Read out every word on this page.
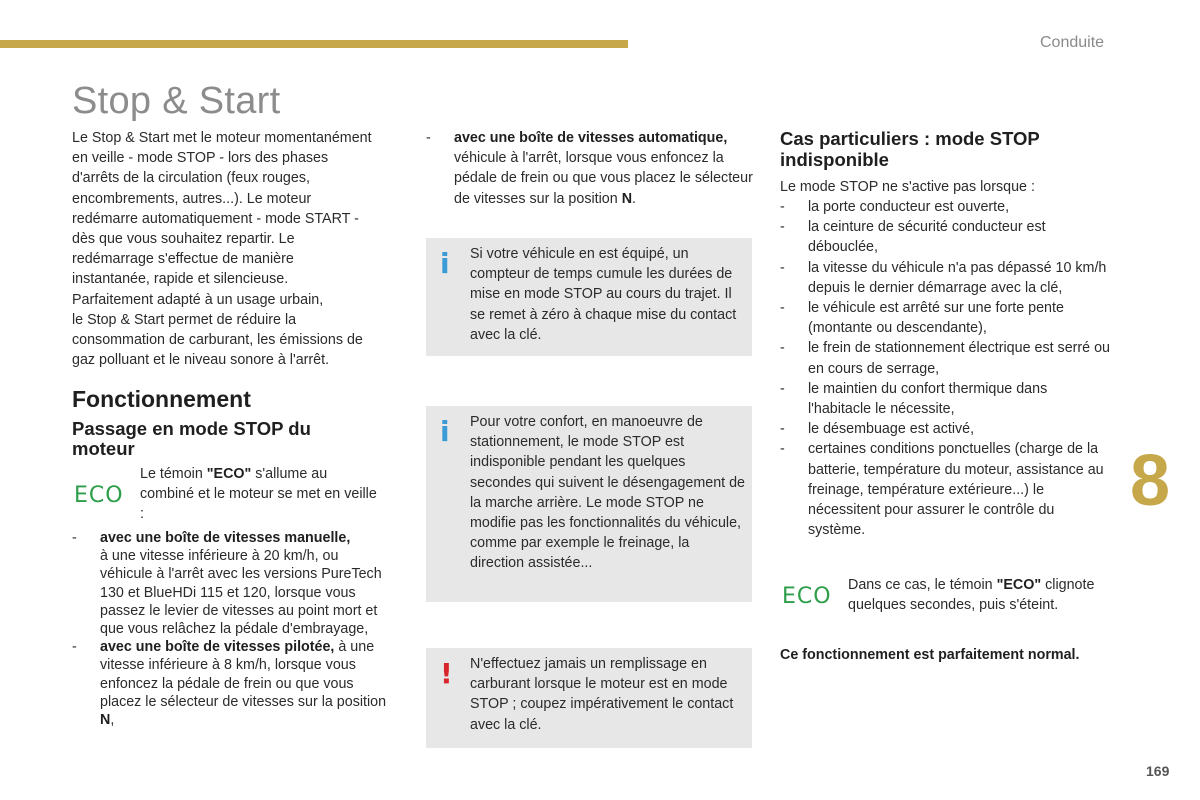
Conduite
Stop & Start
Le Stop & Start met le moteur momentanément
en veille - mode STOP - lors des phases
d'arrêts de la circulation (feux rouges,
encombrements, autres...). Le moteur
redémarre automatiquement - mode START -
dès que vous souhaitez repartir. Le
redémarrage s'effectue de manière
instantanée, rapide et silencieuse.
Parfaitement adapté à un usage urbain,
le Stop & Start permet de réduire la
consommation de carburant, les émissions de
gaz polluant et le niveau sonore à l'arrêt.
Fonctionnement
Passage en mode STOP du
moteur
ECO
Le témoin "ECO" s'allume au combiné et le moteur se met en veille :
- avec une boîte de vitesses manuelle,
à une vitesse inférieure à 20 km/h, ou véhicule à l'arrêt avec les versions PureTech 130 et BlueHDi 115 et 120, lorsque vous passez le levier de vitesses au point mort et que vous relâchez la pédale d'embrayage,
- avec une boîte de vitesses pilotée, à une vitesse inférieure à 8 km/h, lorsque vous enfoncez la pédale de frein ou que vous placez le sélecteur de vitesses sur la position N,
- avec une boîte de vitesses automatique,
véhicule à l'arrêt, lorsque vous enfoncez la pédale de frein ou que vous placez le sélecteur de vitesses sur la position N.
i Si votre véhicule en est équipé, un compteur de temps cumule les durées de mise en mode STOP au cours du trajet. Il se remet à zéro à chaque mise du contact avec la clé.
i Pour votre confort, en manoeuvre de stationnement, le mode STOP est indisponible pendant les quelques secondes qui suivent le désengagement de la marche arrière. Le mode STOP ne modifie pas les fonctionnalités du véhicule, comme par exemple le freinage, la direction assistée...
! N'effectuez jamais un remplissage en carburant lorsque le moteur est en mode STOP ; coupez impérativement le contact avec la clé.
Cas particuliers : mode STOP indisponible
Le mode STOP ne s'active pas lorsque :
- la porte conducteur est ouverte,
- la ceinture de sécurité conducteur est débouclée,
- la vitesse du véhicule n'a pas dépassé 10 km/h depuis le dernier démarrage avec la clé,
- le véhicule est arrêté sur une forte pente (montante ou descendante),
- le frein de stationnement électrique est serré ou en cours de serrage,
- le maintien du confort thermique dans l'habitacle le nécessite,
- le désembuage est activé,
- certaines conditions ponctuelles (charge de la batterie, température du moteur, assistance au freinage, température extérieure...) le nécessitent pour assurer le contrôle du système.
ECO Dans ce cas, le témoin "ECO" clignote quelques secondes, puis s'éteint.
Ce fonctionnement est parfaitement normal.
8
169
